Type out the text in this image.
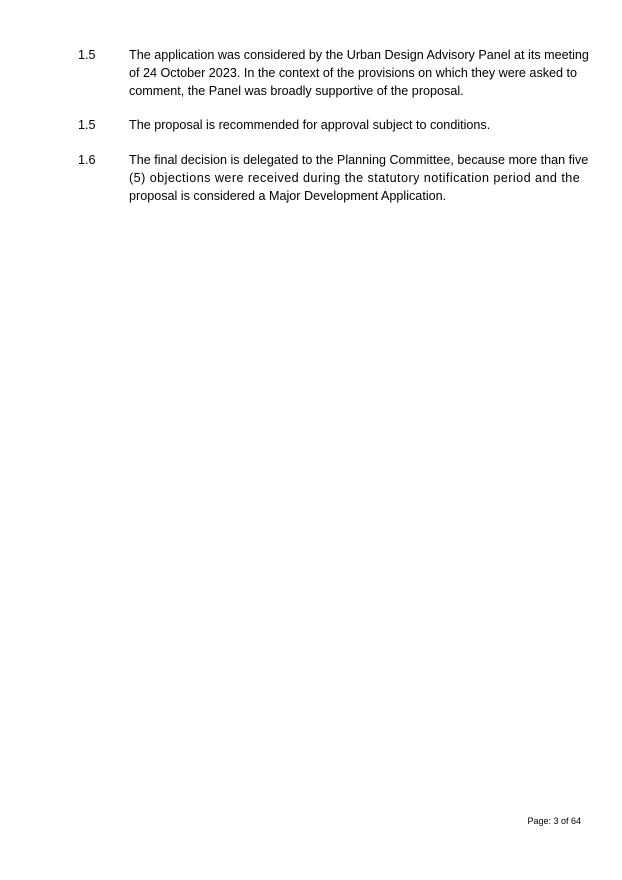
1.5	The application was considered by the Urban Design Advisory Panel at its meeting
of 24 October 2023. In the context of the provisions on which they were asked to
comment, the Panel was broadly supportive of the proposal.
1.5	The proposal is recommended for approval subject to conditions.
1.6	The final decision is delegated to the Planning Committee, because more than five
(5) objections were received during the statutory notification period and the
proposal is considered a Major Development Application.
Page: 3 of 64
